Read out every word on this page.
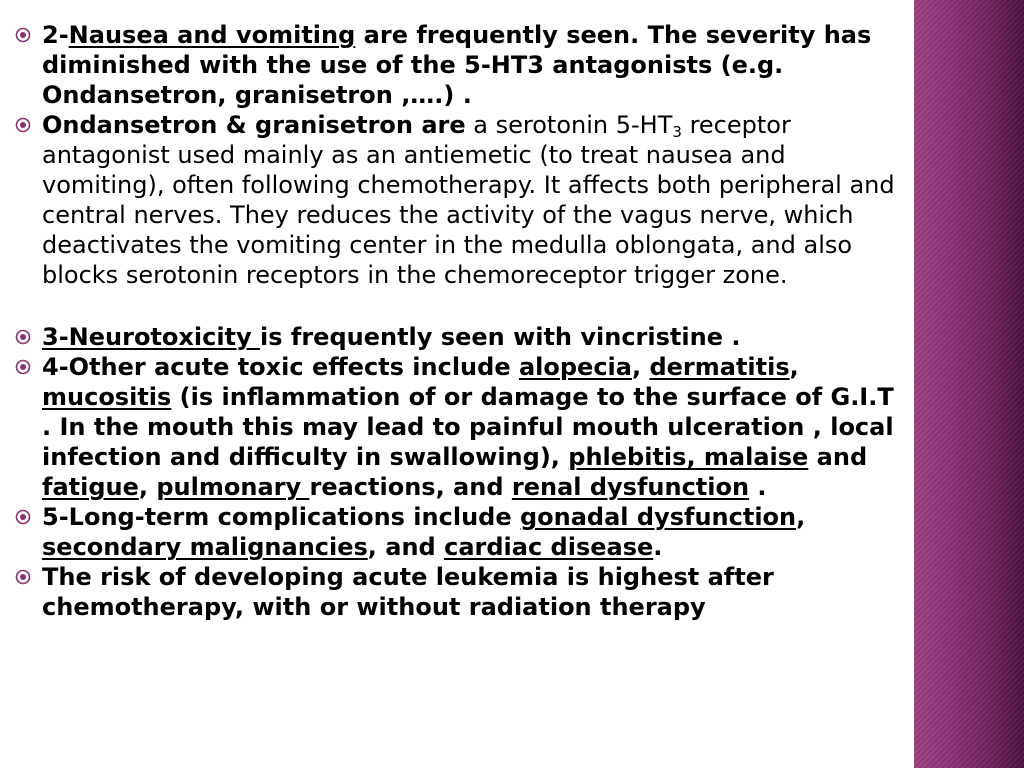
2-Nausea and vomiting are frequently seen. The severity has diminished with the use of the 5-HT3 antagonists (e.g. Ondansetron, granisetron ,….) .

Ondansetron & granisetron are a serotonin $5-HT_3$ receptor antagonist used mainly as an antiemetic (to treat nausea and vomiting), often following chemotherapy. It affects both peripheral and central nerves. They reduces the activity of the vagus nerve, which deactivates the vomiting center in the medulla oblongata, and also blocks serotonin receptors in the chemoreceptor trigger zone.

3-Neurotoxicity is frequently seen with vincristine .

4-Other acute toxic effects include alopecia, dermatitis, mucositis (is inflammation of or damage to the surface of G.I.T . In the mouth this may lead to painful mouth ulceration , local infection and difficulty in swallowing), phlebitis, malaise and fatigue, pulmonary reactions, and renal dysfunction .

5-Long-term complications include gonadal dysfunction, secondary malignancies, and cardiac disease.

The risk of developing acute leukemia is highest after chemotherapy, with or without radiation therapy
